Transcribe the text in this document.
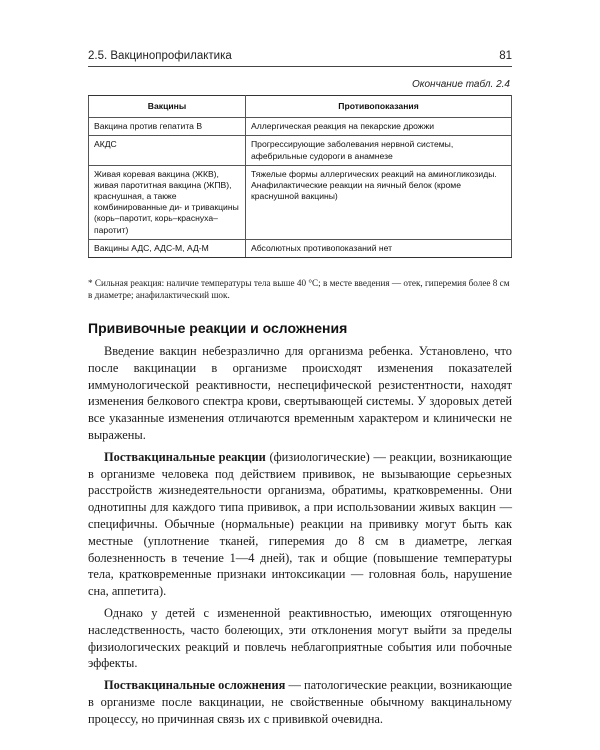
2.5. Вакцинопрофилактика	81
Окончание табл. 2.4
Вакцины	Противопоказания
Вакцина против гепатита В	Аллергическая реакция на пекарские дрожжи
АКДС	Прогрессирующие заболевания нервной системы, афебрильные судороги в анамнезе
Живая коревая вакцина (ЖКВ), живая паротитная вакцина (ЖПВ), краснушная, а также комбинированные ди- и тривакцины (корь–паротит, корь–краснуха–паротит)	Тяжелые формы аллергических реакций на аминогликозиды. Анафилактические реакции на яичный белок (кроме краснушной вакцины)
Вакцины АДС, АДС-М, АД-М	Абсолютных противопоказаний нет
* Сильная реакция: наличие температуры тела выше 40 °С; в месте введения — отек, гиперемия более 8 см в диаметре; анафилактический шок.
Прививочные реакции и осложнения

Введение вакцин небезразлично для организма ребенка. Установлено, что после вакцинации в организме происходят изменения показателей иммунологической реактивности, неспецифической резистентности, находят изменения белкового спектра крови, свертывающей системы. У здоровых детей все указанные изменения отличаются временным характером и клинически не выражены.

Поствакцинальные реакции (физиологические) — реакции, возникающие в организме человека под действием прививок, не вызывающие серьезных расстройств жизнедеятельности организма, обратимы, кратковременны. Они однотипны для каждого типа прививок, а при использовании живых вакцин — специфичны. Обычные (нормальные) реакции на прививку могут быть как местные (уплотнение тканей, гиперемия до 8 см в диаметре, легкая болезненность в течение 1—4 дней), так и общие (повышение температуры тела, кратковременные признаки интоксикации — головная боль, нарушение сна, аппетита).

Однако у детей с измененной реактивностью, имеющих отягощенную наследственность, часто болеющих, эти отклонения могут выйти за пределы физиологических реакций и повлечь неблагоприятные события или побочные эффекты.

Поствакцинальные осложнения — патологические реакции, возникающие в организме после вакцинации, не свойственные обычному вакцинальному процессу, но причинная связь их с прививкой очевидна.
